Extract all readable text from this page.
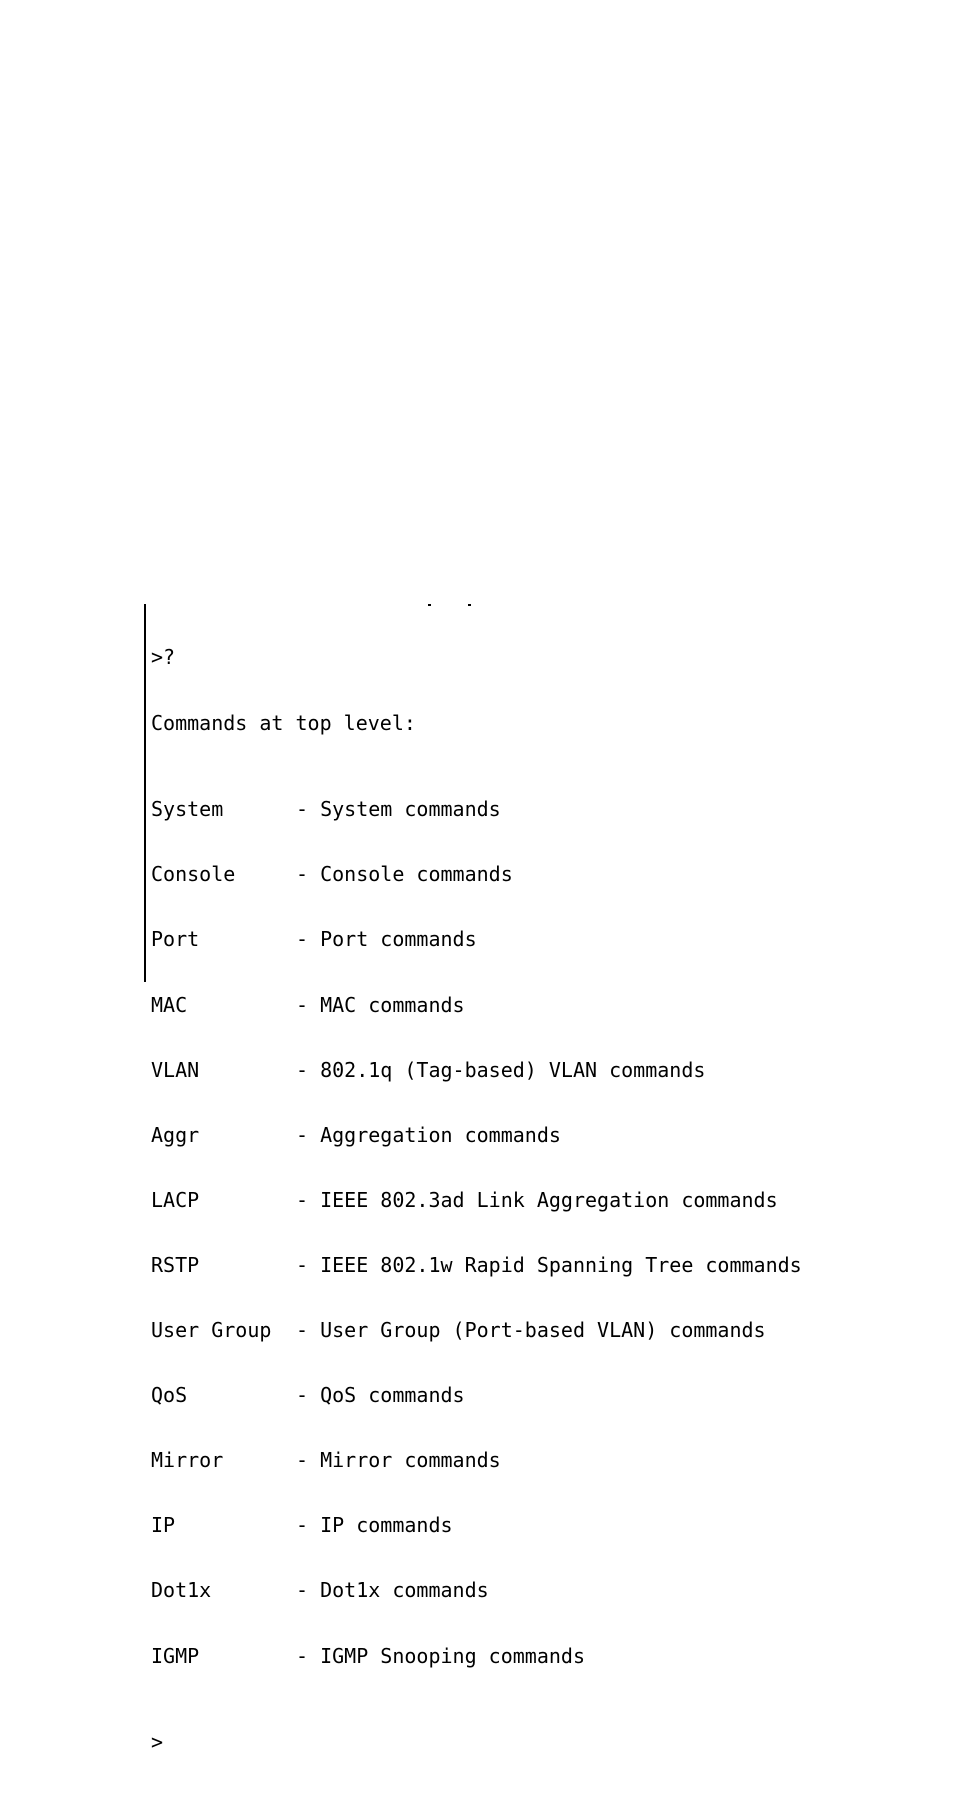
>?

Commands at top level:

System	- System commands

Console	- Console commands

Port	- Port commands

MAC	- MAC commands

VLAN	- 802.1q (Tag-based) VLAN commands

Aggr	- Aggregation commands

LACP	- IEEE 802.3ad Link Aggregation commands

RSTP	- IEEE 802.1w Rapid Spanning Tree commands

User Group - User Group (Port-based VLAN) commands

QoS	- QoS commands

Mirror	- Mirror commands

IP	- IP commands

Dot1x	- Dot1x commands

IGMP	- IGMP Snooping commands

>
